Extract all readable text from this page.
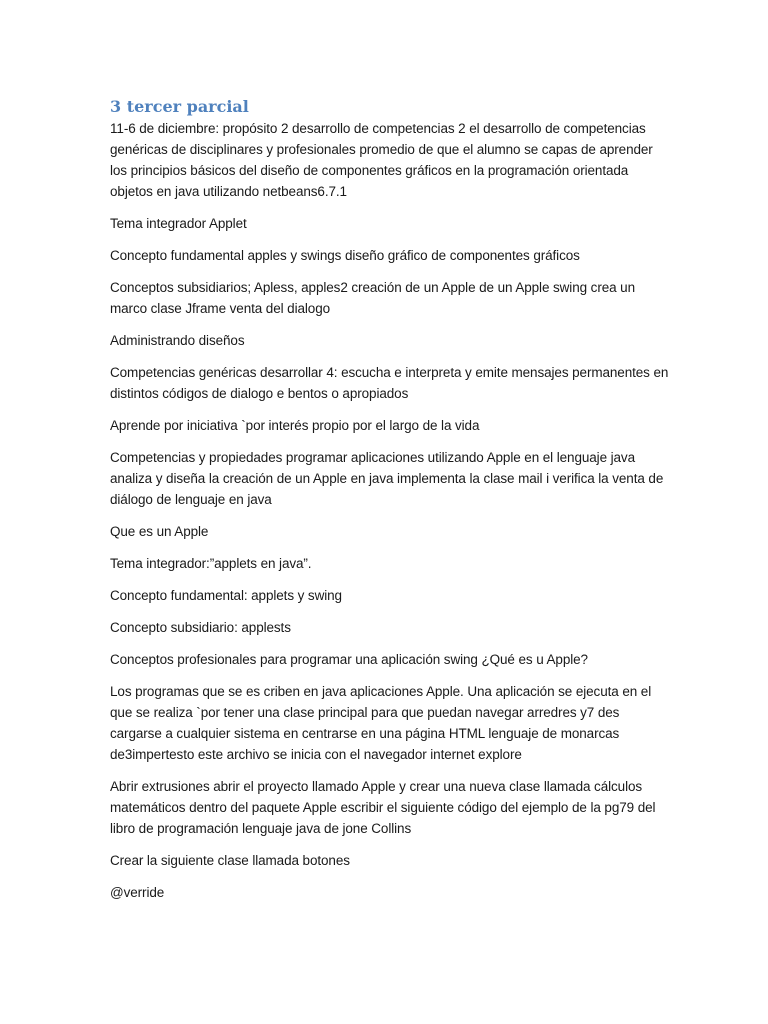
3 tercer parcial

11-6 de diciembre: propósito 2 desarrollo de competencias 2 el desarrollo de competencias genéricas de disciplinares y profesionales promedio de que el alumno se capas de aprender los principios básicos del diseño de componentes gráficos en la programación orientada objetos en java utilizando netbeans6.7.1

Tema integrador Applet

Concepto fundamental apples y swings diseño gráfico de componentes gráficos

Conceptos subsidiarios; Apless, apples2 creación de un Apple de un Apple swing crea un marco clase Jframe venta del dialogo

Administrando diseños

Competencias genéricas desarrollar 4: escucha e interpreta y emite mensajes permanentes en distintos códigos de dialogo e bentos o apropiados

Aprende por iniciativa `por interés propio por el largo de la vida

Competencias y propiedades programar aplicaciones utilizando Apple en el lenguaje java analiza y diseña la creación de un Apple en java implementa la clase mail i verifica la venta de diálogo de lenguaje en java

Que es un Apple

Tema integrador:”applets en java”.

Concepto fundamental: applets y swing

Concepto subsidiario: applests

Conceptos profesionales para programar una aplicación swing ¿Qué es u Apple?

Los programas que se es criben en java aplicaciones Apple. Una aplicación se ejecuta en el que se realiza `por tener una clase principal para que puedan navegar arredres y7 des cargarse a cualquier sistema en centrarse en una página HTML lenguaje de monarcas de3impertesto este archivo se inicia con el navegador internet explore

Abrir extrusiones abrir el proyecto llamado Apple y crear una nueva clase llamada cálculos matemáticos dentro del paquete Apple escribir el siguiente código del ejemplo de la pg79 del libro de programación lenguaje java de jone Collins

Crear la siguiente clase llamada botones

@verride
